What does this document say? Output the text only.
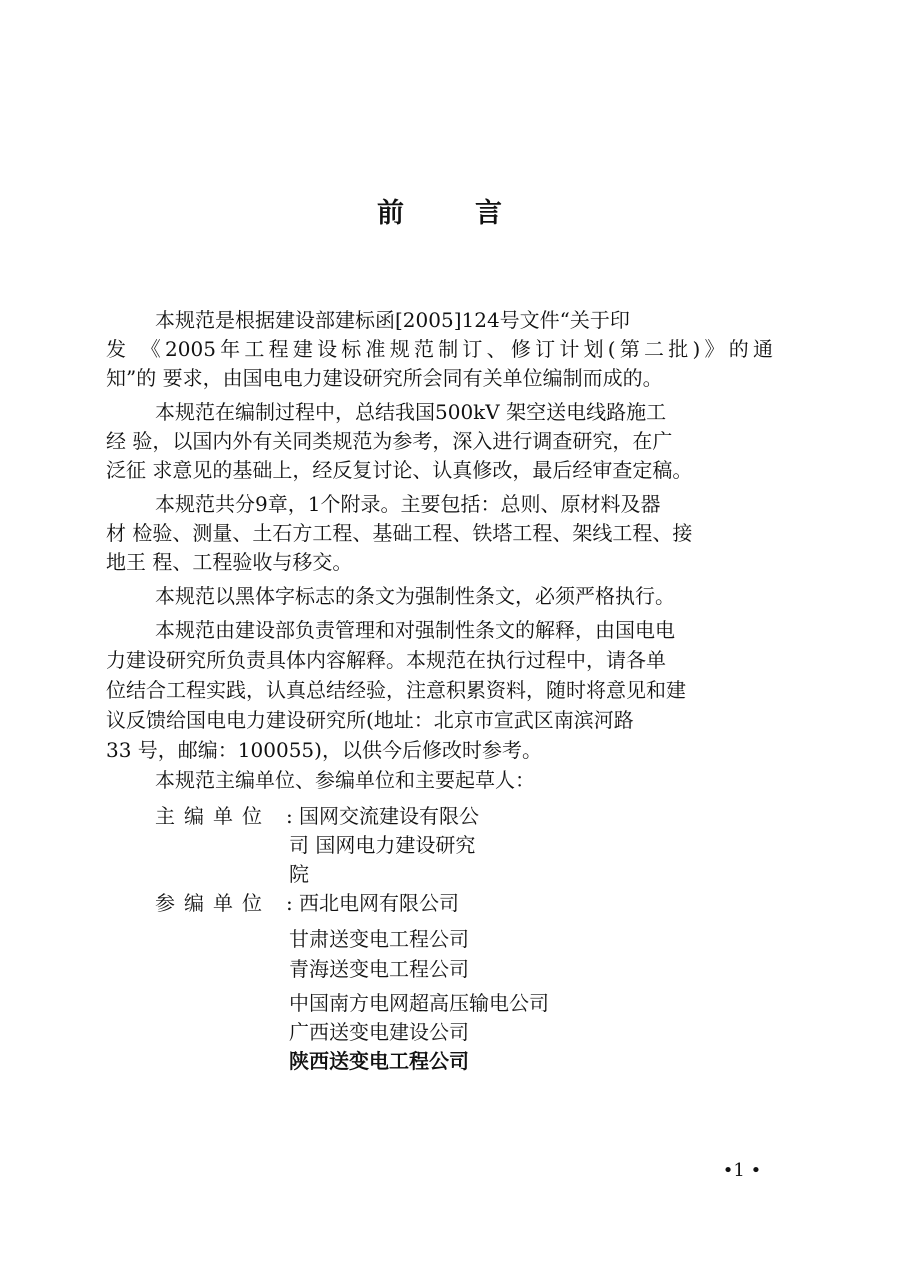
前	言
本规范是根据建设部建标函[2005]124号文件“关于印
发 《2005年工程建设标准规范制订、修订计划(第二批)》的通
知”的 要求，由国电电力建设研究所会同有关单位编制而成的。
本规范在编制过程中，总结我国500kV 架空送电线路施工
经 验，以国内外有关同类规范为参考，深入进行调查研究，在广
泛征 求意见的基础上，经反复讨论、认真修改，最后经审查定稿。
本规范共分9章，1个附录。主要包括：总则、原材料及器
材 检验、测量、土石方工程、基础工程、铁塔工程、架线工程、接
地王 程、工程验收与移交。
本规范以黑体字标志的条文为强制性条文，必须严格执行。
本规范由建设部负责管理和对强制性条文的解释，由国电电
力建设研究所负责具体内容解释。本规范在执行过程中，请各单
位结合工程实践，认真总结经验，注意积累资料，随时将意见和建
议反馈给国电电力建设研究所(地址：北京市宣武区南滨河路
33 号，邮编：100055)，以供今后修改时参考。
本规范主编单位、参编单位和主要起草人：
主编单位 : 国网交流建设有限公
司 国网电力建设研究
院
参编单位 : 西北电网有限公司
甘肃送变电工程公司
青海送变电工程公司
中国南方电网超高压输电公司
广西送变电建设公司
陕西送变电工程公司
•1 •
